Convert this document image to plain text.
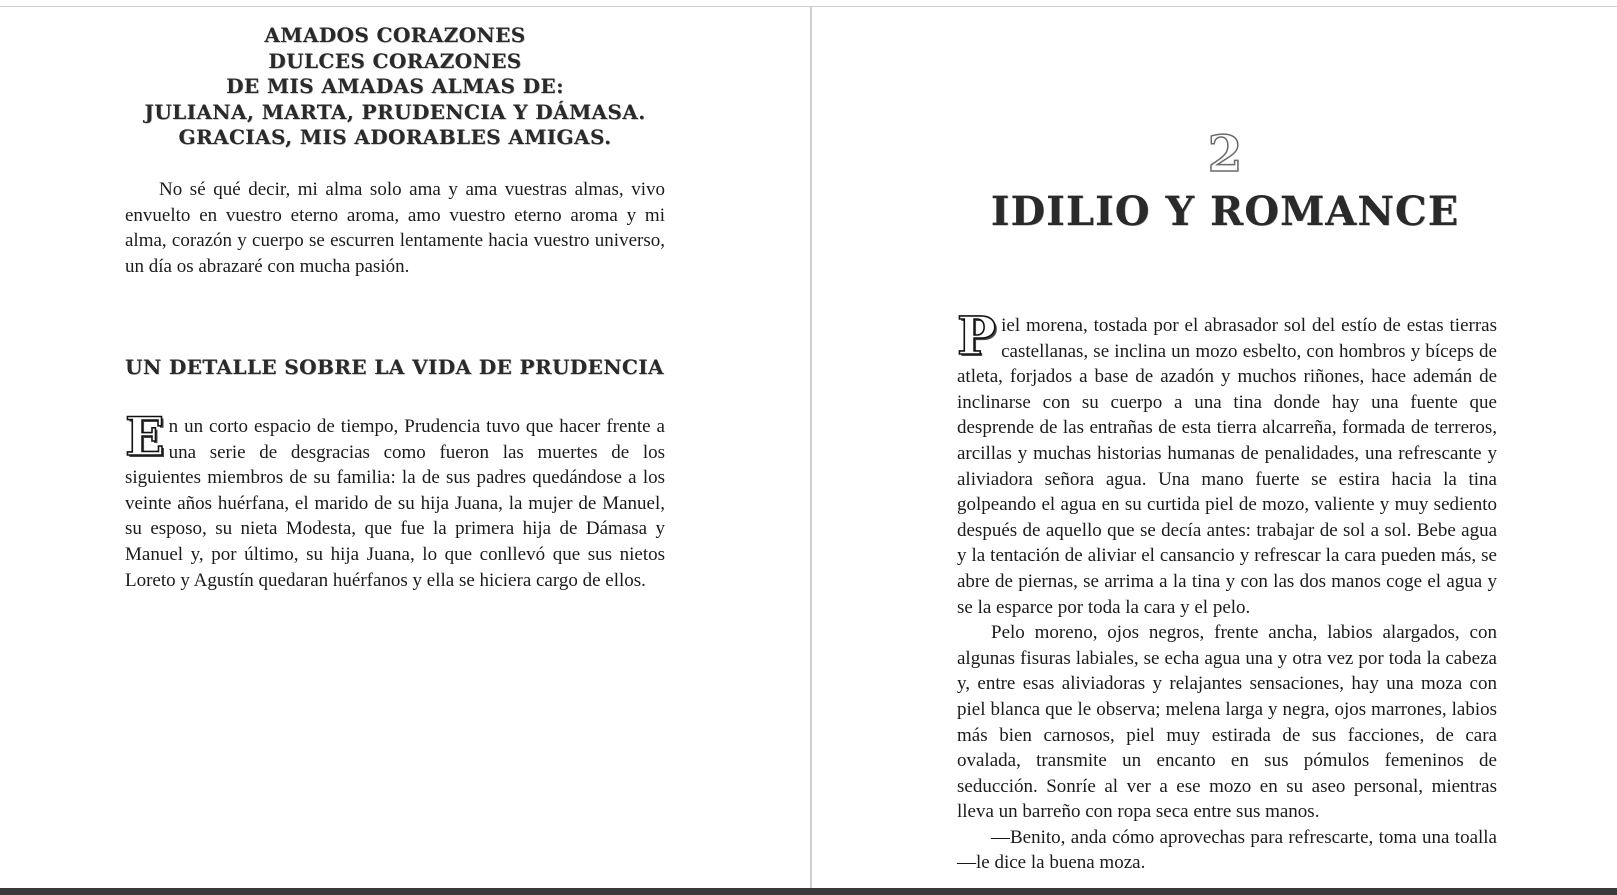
AMADOS CORAZONES
DULCES CORAZONES
DE MIS AMADAS ALMAS DE:
JULIANA, MARTA, PRUDENCIA Y DÁMASA.
GRACIAS, MIS ADORABLES AMIGAS.

No sé qué decir, mi alma solo ama y ama vuestras almas, vivo envuelto en vuestro eterno aroma, amo vuestro eterno aroma y mi alma, corazón y cuerpo se escurren lentamente hacia vuestro universo, un día os abrazaré con mucha pasión.

UN DETALLE SOBRE LA VIDA DE PRUDENCIA

En un corto espacio de tiempo, Prudencia tuvo que hacer frente a una serie de desgracias como fueron las muertes de los siguientes miembros de su familia: la de sus padres quedándose a los veinte años huérfana, el marido de su hija Juana, la mujer de Manuel, su esposo, su nieta Modesta, que fue la primera hija de Dámasa y Manuel y, por último, su hija Juana, lo que conllevó que sus nietos Loreto y Agustín quedaran huérfanos y ella se hiciera cargo de ellos.

2
IDILIO Y ROMANCE

Piel morena, tostada por el abrasador sol del estío de estas tierras castellanas, se inclina un mozo esbelto, con hombros y bíceps de atleta, forjados a base de azadón y muchos riñones, hace ademán de inclinarse con su cuerpo a una tina donde hay una fuente que desprende de las entrañas de esta tierra alcarreña, formada de terreros, arcillas y muchas historias humanas de penalidades, una refrescante y aliviadora señora agua. Una mano fuerte se estira hacia la tina golpeando el agua en su curtida piel de mozo, valiente y muy sediento después de aquello que se decía antes: trabajar de sol a sol. Bebe agua y la tentación de aliviar el cansancio y refrescar la cara pueden más, se abre de piernas, se arrima a la tina y con las dos manos coge el agua y se la esparce por toda la cara y el pelo.

Pelo moreno, ojos negros, frente ancha, labios alargados, con algunas fisuras labiales, se echa agua una y otra vez por toda la cabeza y, entre esas aliviadoras y relajantes sensaciones, hay una moza con piel blanca que le observa; melena larga y negra, ojos marrones, labios más bien carnosos, piel muy estirada de sus facciones, de cara ovalada, transmite un encanto en sus pómulos femeninos de seducción. Sonríe al ver a ese mozo en su aseo personal, mientras lleva un barreño con ropa seca entre sus manos.

—Benito, anda cómo aprovechas para refrescarte, toma una toalla —le dice la buena moza.
